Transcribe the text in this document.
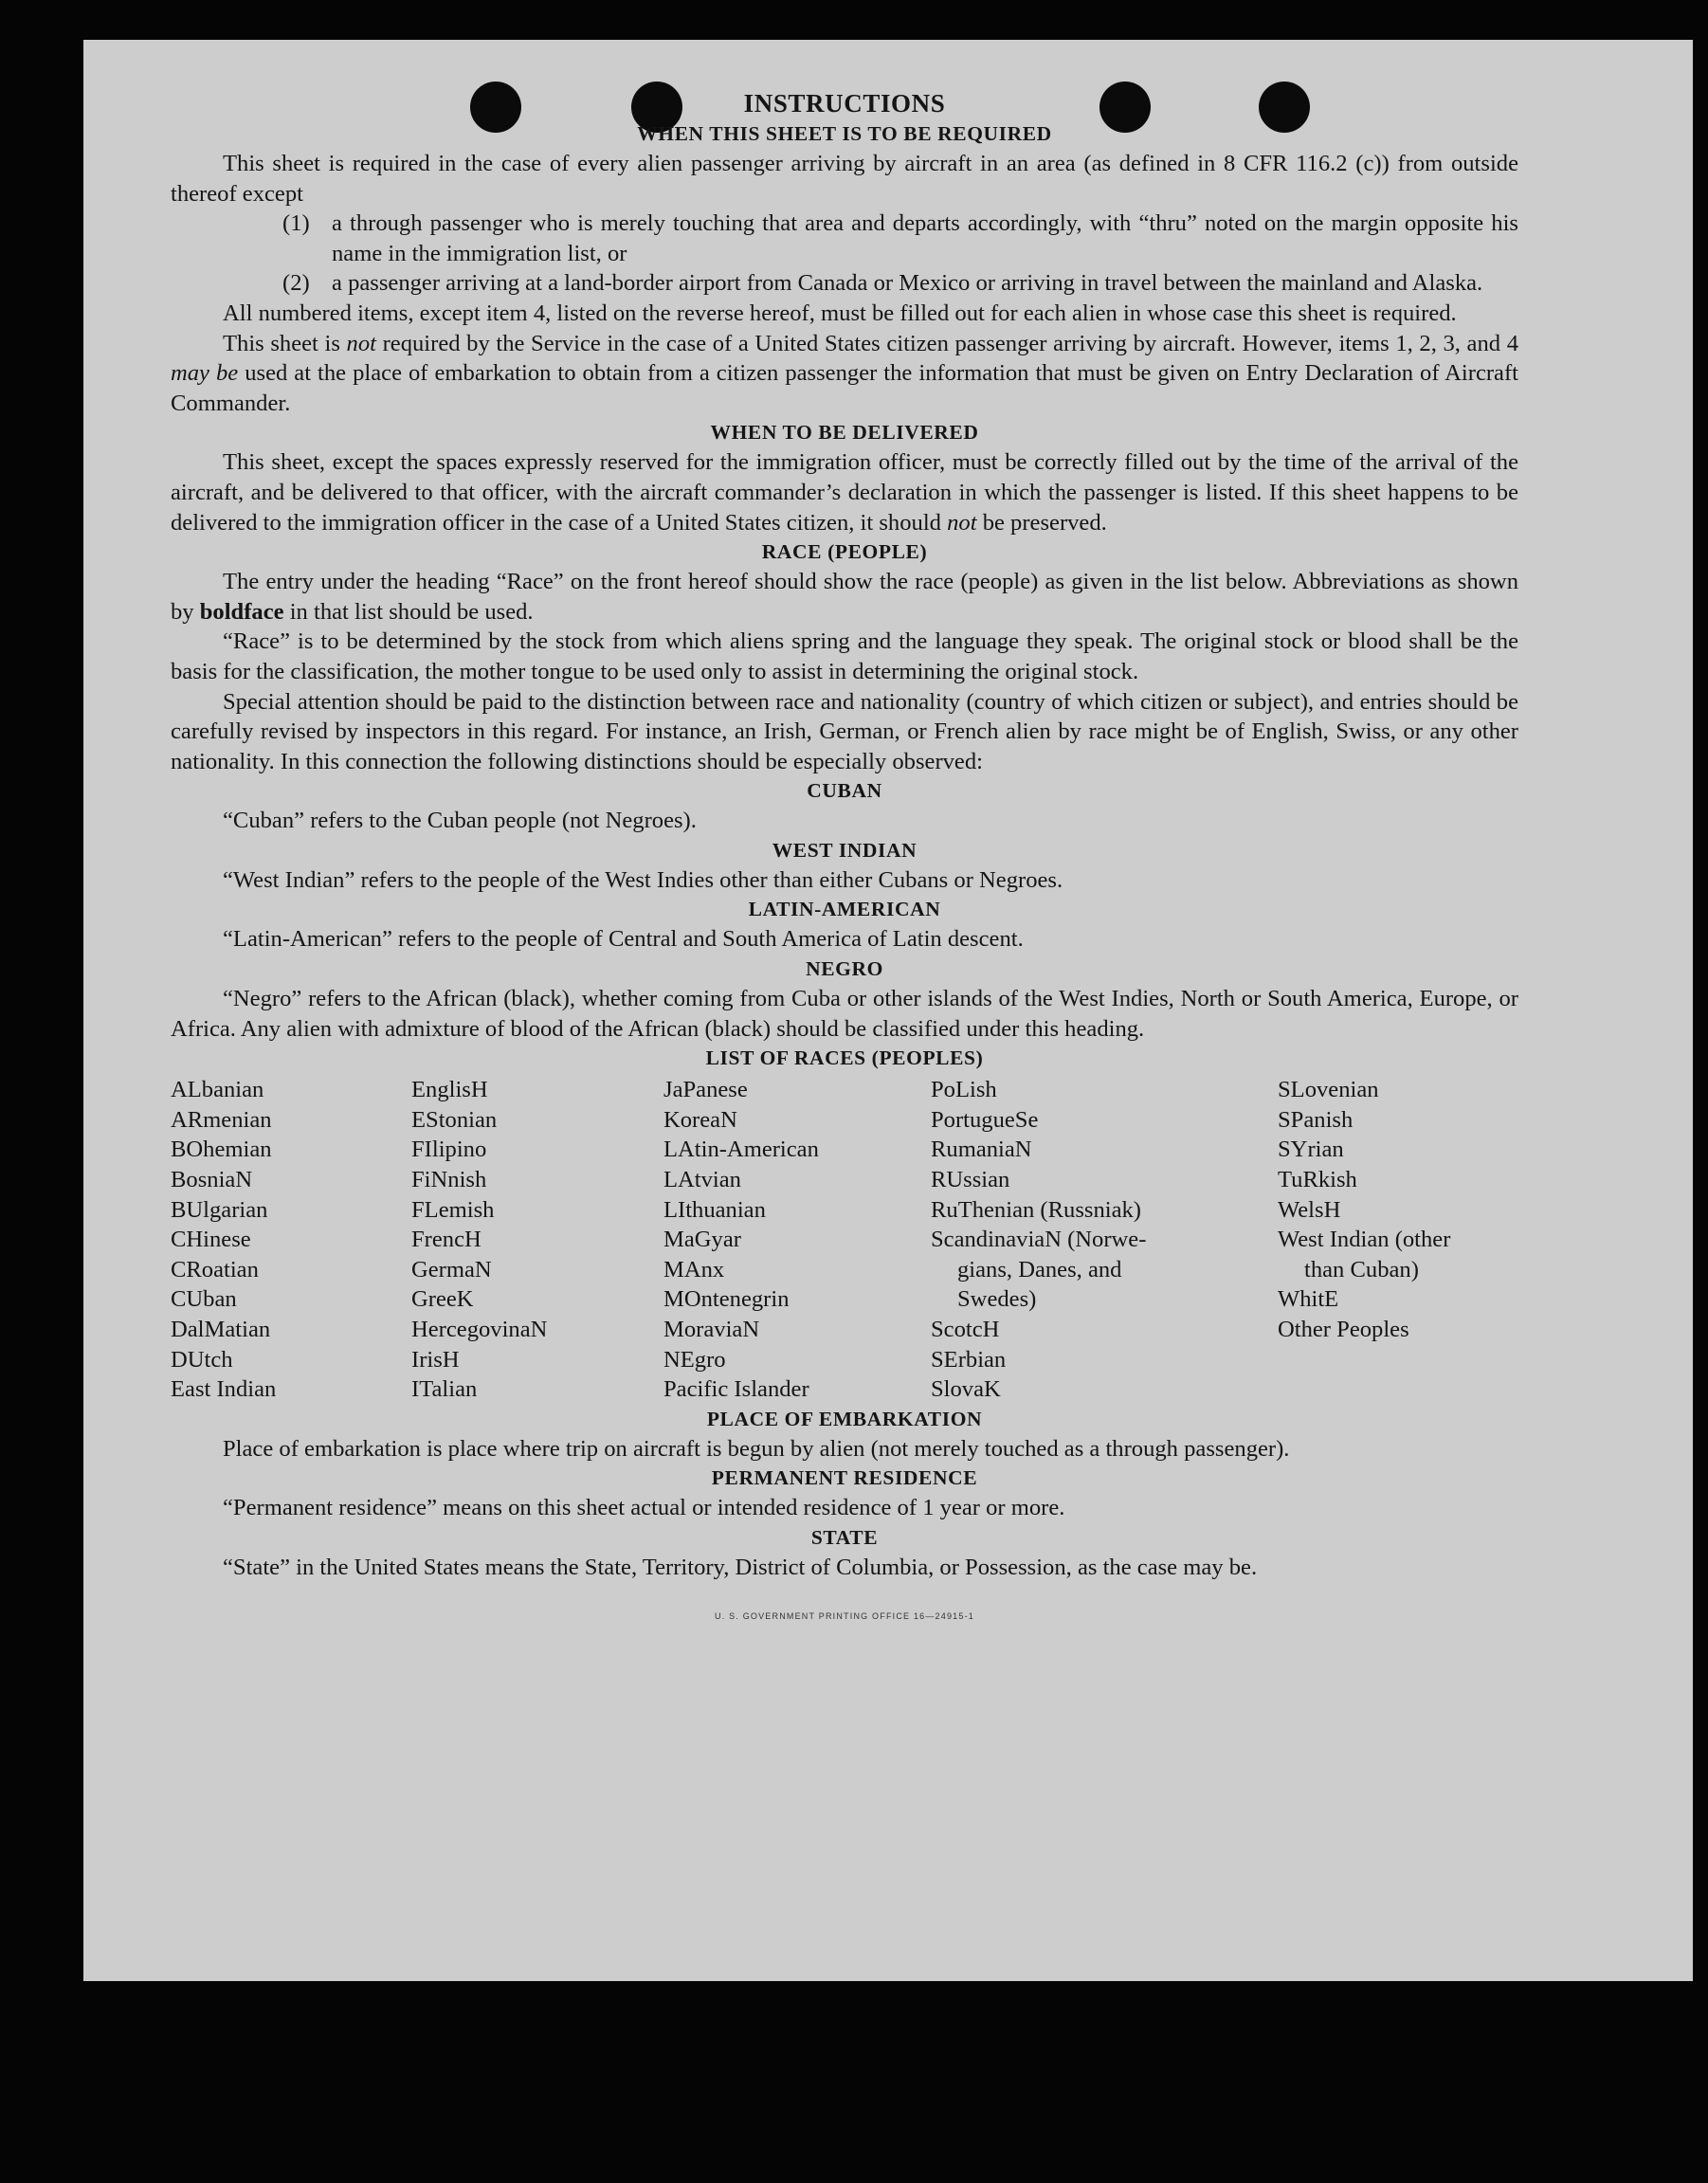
INSTRUCTIONS
WHEN THIS SHEET IS TO BE REQUIRED

This sheet is required in the case of every alien passenger arriving by aircraft in an area (as defined in 8 CFR 116.2 (c)) from outside thereof except

(1) a through passenger who is merely touching that area and departs accordingly, with “thru” noted on the margin opposite his name in the immigration list, or
(2) a passenger arriving at a land-border airport from Canada or Mexico or arriving in travel between the mainland and Alaska.

All numbered items, except item 4, listed on the reverse hereof, must be filled out for each alien in whose case this sheet is required.

This sheet is not required by the Service in the case of a United States citizen passenger arriving by aircraft. However, items 1, 2, 3, and 4 may be used at the place of embarkation to obtain from a citizen passenger the information that must be given on Entry Declaration of Aircraft Commander.

WHEN TO BE DELIVERED

This sheet, except the spaces expressly reserved for the immigration officer, must be correctly filled out by the time of the arrival of the aircraft, and be delivered to that officer, with the aircraft commander’s declaration in which the passenger is listed. If this sheet happens to be delivered to the immigration officer in the case of a United States citizen, it should not be preserved.

RACE (PEOPLE)

The entry under the heading “Race” on the front hereof should show the race (people) as given in the list below. Abbreviations as shown by boldface in that list should be used.

“Race” is to be determined by the stock from which aliens spring and the language they speak. The original stock or blood shall be the basis for the classification, the mother tongue to be used only to assist in determining the original stock.

Special attention should be paid to the distinction between race and nationality (country of which citizen or subject), and entries should be carefully revised by inspectors in this regard. For instance, an Irish, German, or French alien by race might be of English, Swiss, or any other nationality. In this connection the following distinctions should be especially observed:

CUBAN

“Cuban” refers to the Cuban people (not Negroes).

WEST INDIAN

“West Indian” refers to the people of the West Indies other than either Cubans or Negroes.

LATIN-AMERICAN

“Latin-American” refers to the people of Central and South America of Latin descent.

NEGRO

“Negro” refers to the African (black), whether coming from Cuba or other islands of the West Indies, North or South America, Europe, or Africa. Any alien with admixture of blood of the African (black) should be classified under this heading.

LIST OF RACES (PEOPLES)
ALbanian
ARmenian
BOhemian
BosniaN
BUlgarian
CHinese
CRoatian
CUban
DalMatian
DUtch
East Indian
EnglisH
EStonian
FIlipino
FiNnish
FLemish
FrencH
GermaN
GreeK
HercegovinaN
IrisH
ITalian
JaPanese
KoreaN
LAtin-American
LAtvian
LIthuanian
MaGyar
MAnx
MOntenegrin
MoraviaN
NEgro
Pacific Islander
PoLish
PortugueSe
RumaniaN
RUssian
RuThenian (Russniak)
ScandinaviaN (Norwe-
gians, Danes, and
Swedes)
ScotcH
SErbian
SlovaK
SLovenian
SPanish
SYrian
TuRkish
WelsH
West Indian (other
than Cuban)
WhitE
Other Peoples
PLACE OF EMBARKATION

Place of embarkation is place where trip on aircraft is begun by alien (not merely touched as a through passenger).

PERMANENT RESIDENCE

“Permanent residence” means on this sheet actual or intended residence of 1 year or more.

STATE

“State” in the United States means the State, Territory, District of Columbia, or Possession, as the case may be.

U. S. GOVERNMENT PRINTING OFFICE 16—24915-1
